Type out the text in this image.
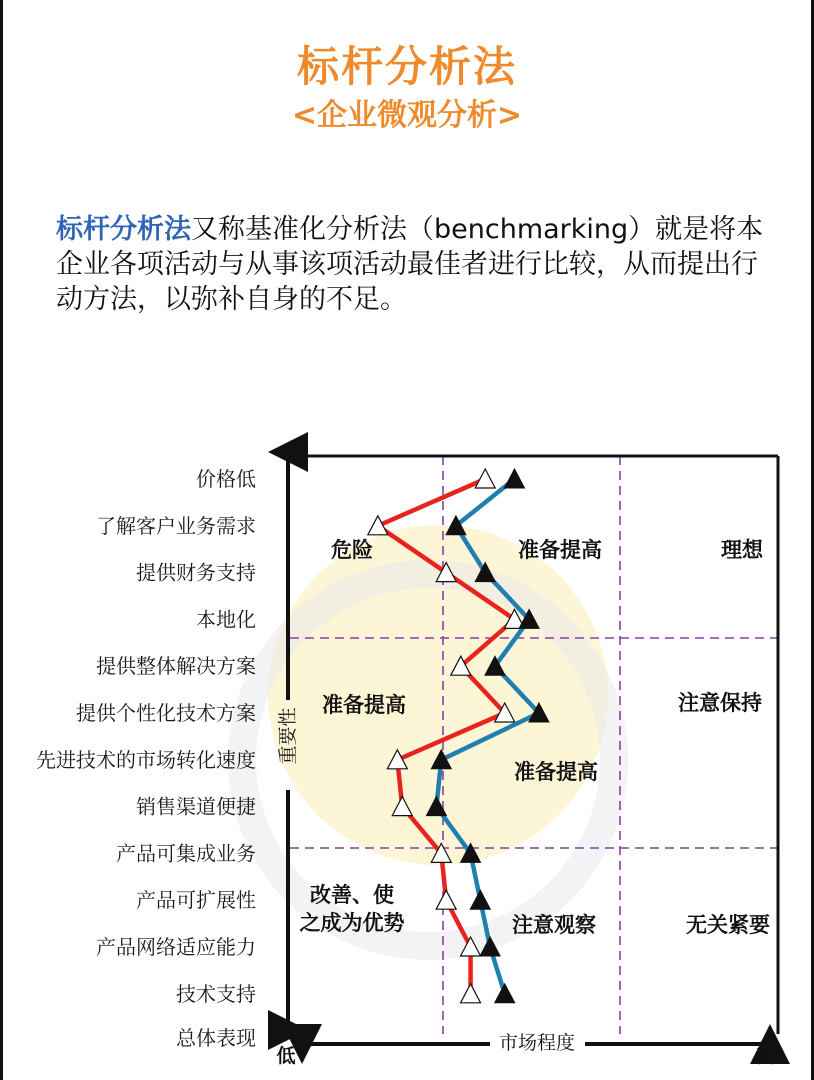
标杆分析法
<企业微观分析>
标杆分析法又称基准化分析法（benchmarking）就是将本企业各项活动与从事该项活动最佳者进行比较，从而提出行动方法，以弥补自身的不足。
市场程度
重要性
低	高
价格低
了解客户业务需求
提供财务支持
本地化
提供整体解决方案
提供个性化技术方案
先进技术的市场转化速度
销售渠道便捷
产品可集成业务
产品可扩展性
产品网络适应能力
技术支持
总体表现
危险	准备提高	理想
准备提高	注意保持
准备提高
改善、使之成为优势	注意观察	无关紧要
